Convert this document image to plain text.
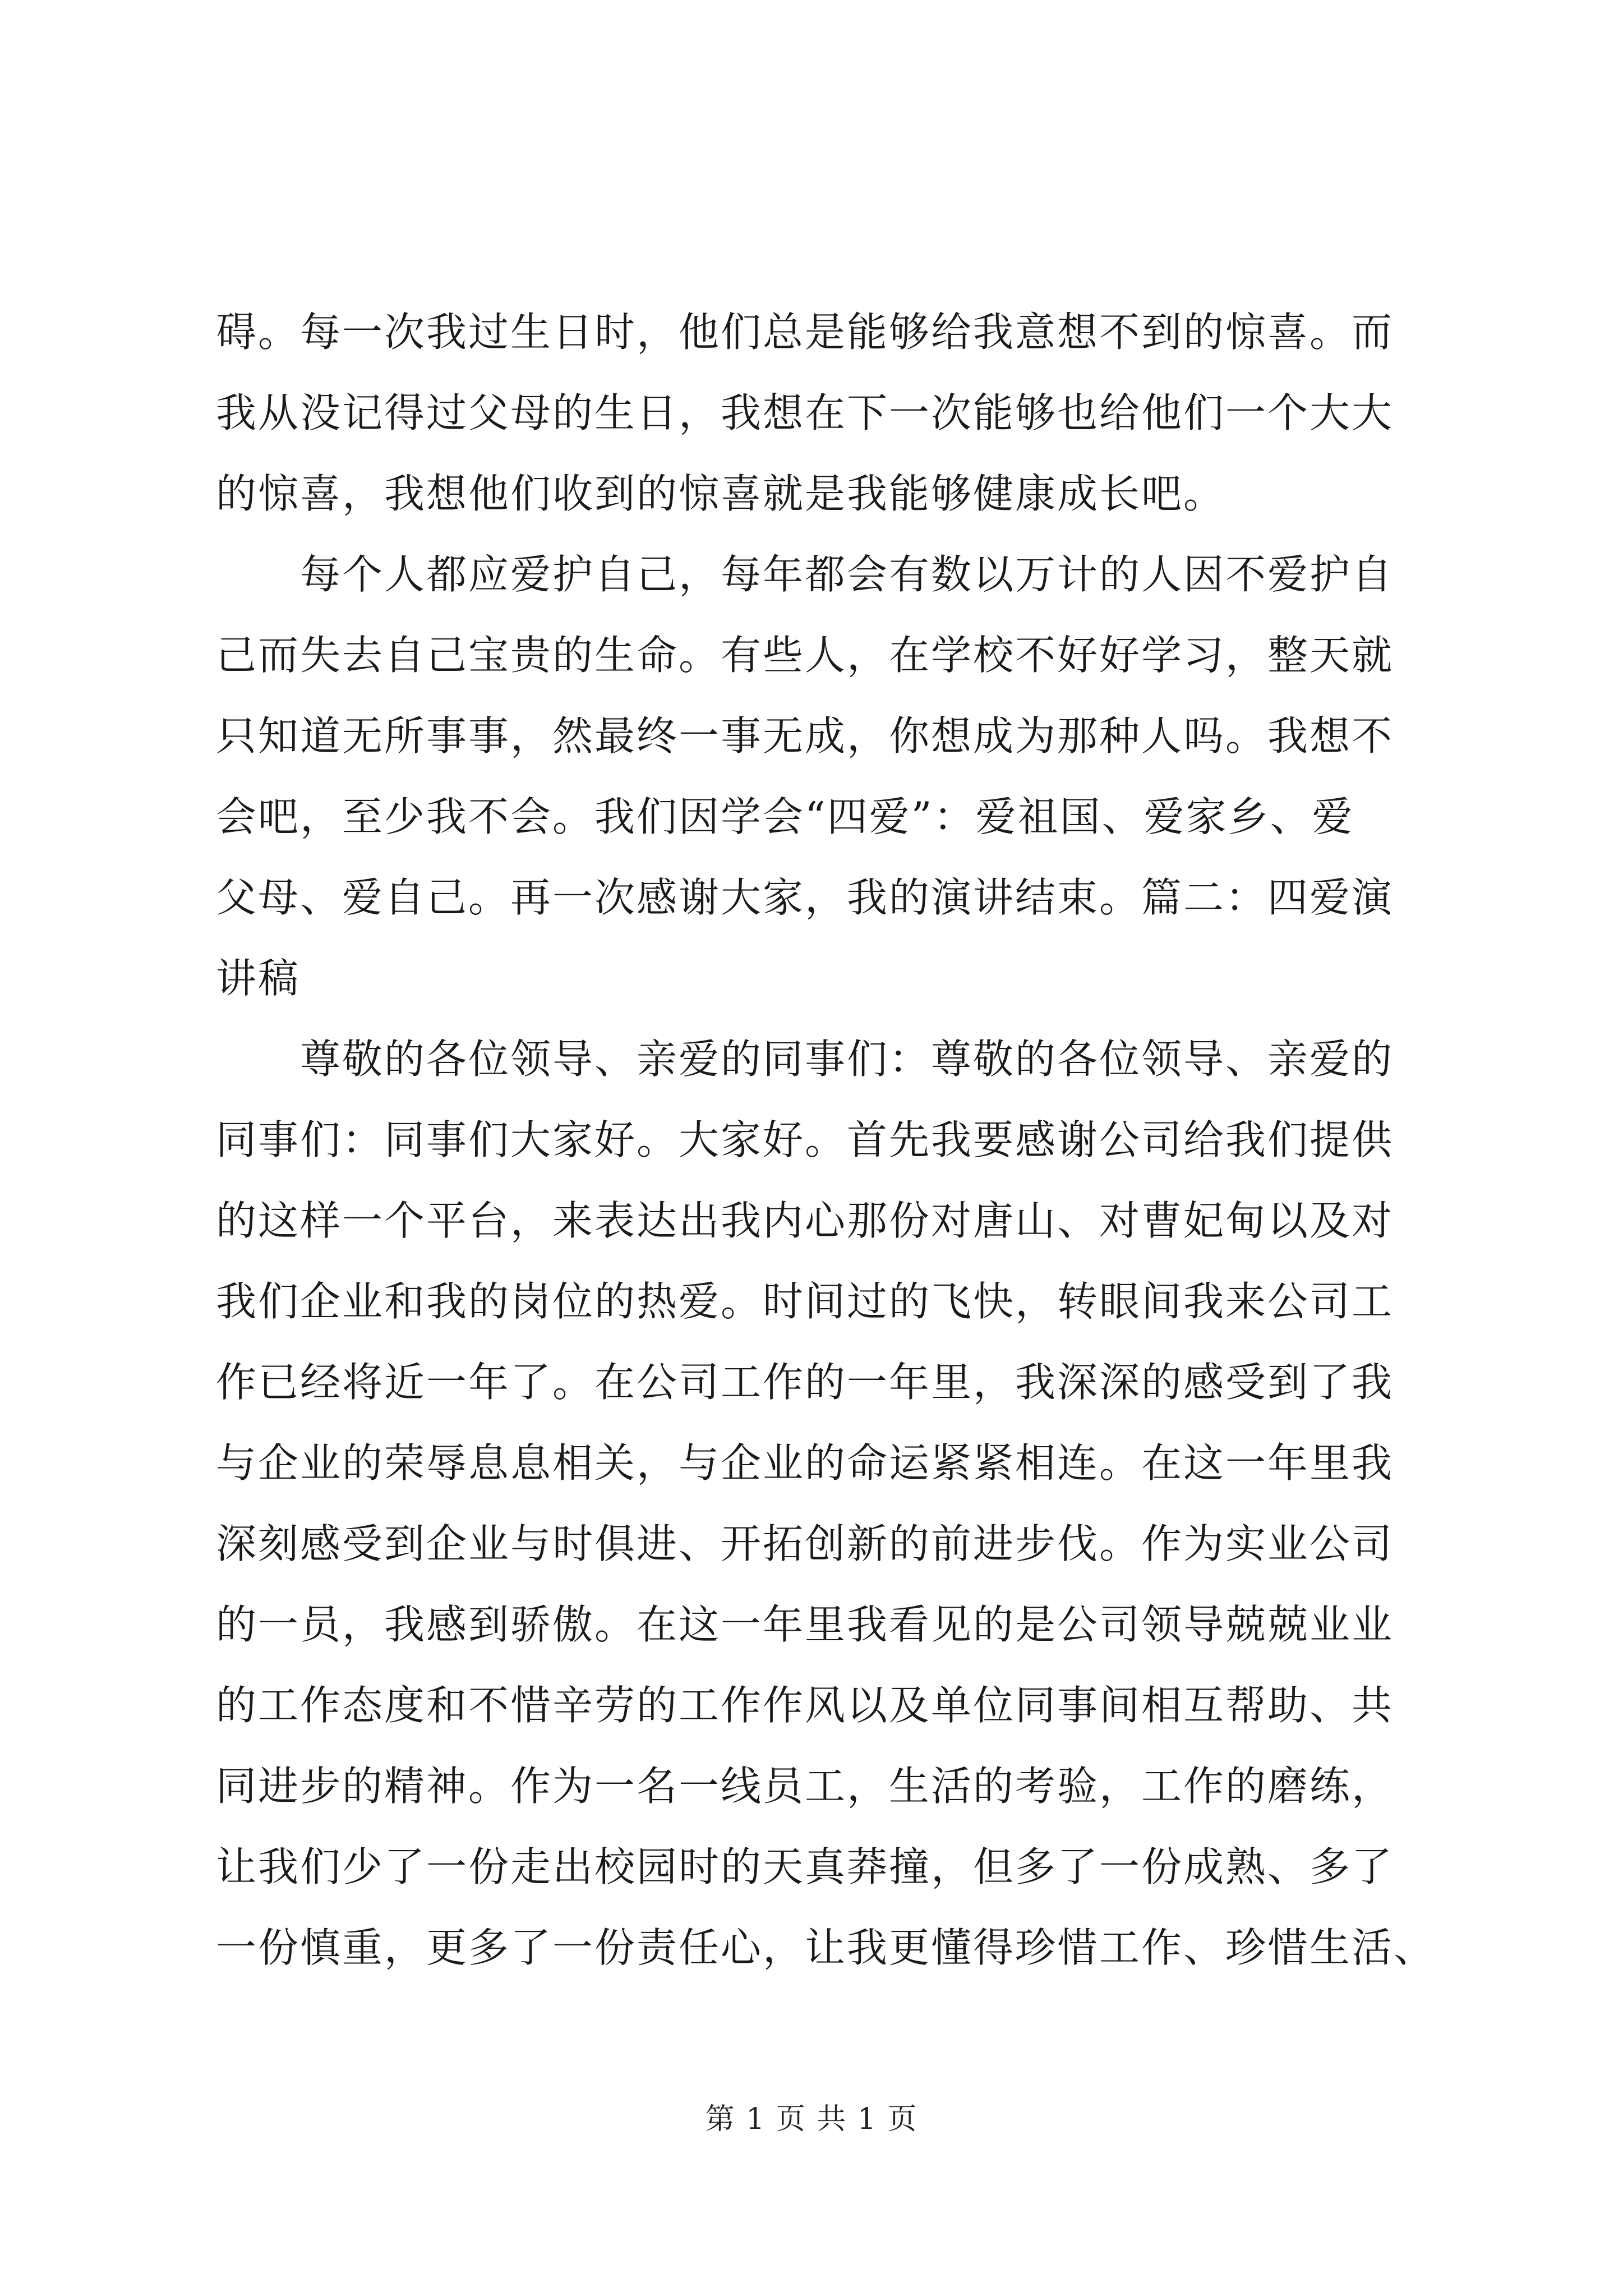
碍。每一次我过生日时，他们总是能够给我意想不到的惊喜。而
我从没记得过父母的生日，我想在下一次能够也给他们一个大大
的惊喜，我想他们收到的惊喜就是我能够健康成长吧。
每个人都应爱护自己，每年都会有数以万计的人因不爱护自
己而失去自己宝贵的生命。有些人，在学校不好好学习，整天就
只知道无所事事，然最终一事无成，你想成为那种人吗。我想不
会吧，至少我不会。我们因学会“四爱”：爱祖国、爱家乡、爱
父母、爱自己。再一次感谢大家，我的演讲结束。篇二：四爱演
讲稿
尊敬的各位领导、亲爱的同事们：尊敬的各位领导、亲爱的
同事们：同事们大家好。大家好。首先我要感谢公司给我们提供
的这样一个平台，来表达出我内心那份对唐山、对曹妃甸以及对
我们企业和我的岗位的热爱。时间过的飞快，转眼间我来公司工
作已经将近一年了。在公司工作的一年里，我深深的感受到了我
与企业的荣辱息息相关，与企业的命运紧紧相连。在这一年里我
深刻感受到企业与时俱进、开拓创新的前进步伐。作为实业公司
的一员，我感到骄傲。在这一年里我看见的是公司领导兢兢业业
的工作态度和不惜辛劳的工作作风以及单位同事间相互帮助、共
同进步的精神。作为一名一线员工，生活的考验，工作的磨练，
让我们少了一份走出校园时的天真莽撞，但多了一份成熟、多了
一份慎重，更多了一份责任心，让我更懂得珍惜工作、珍惜生活、
第 1 页 共 1 页
